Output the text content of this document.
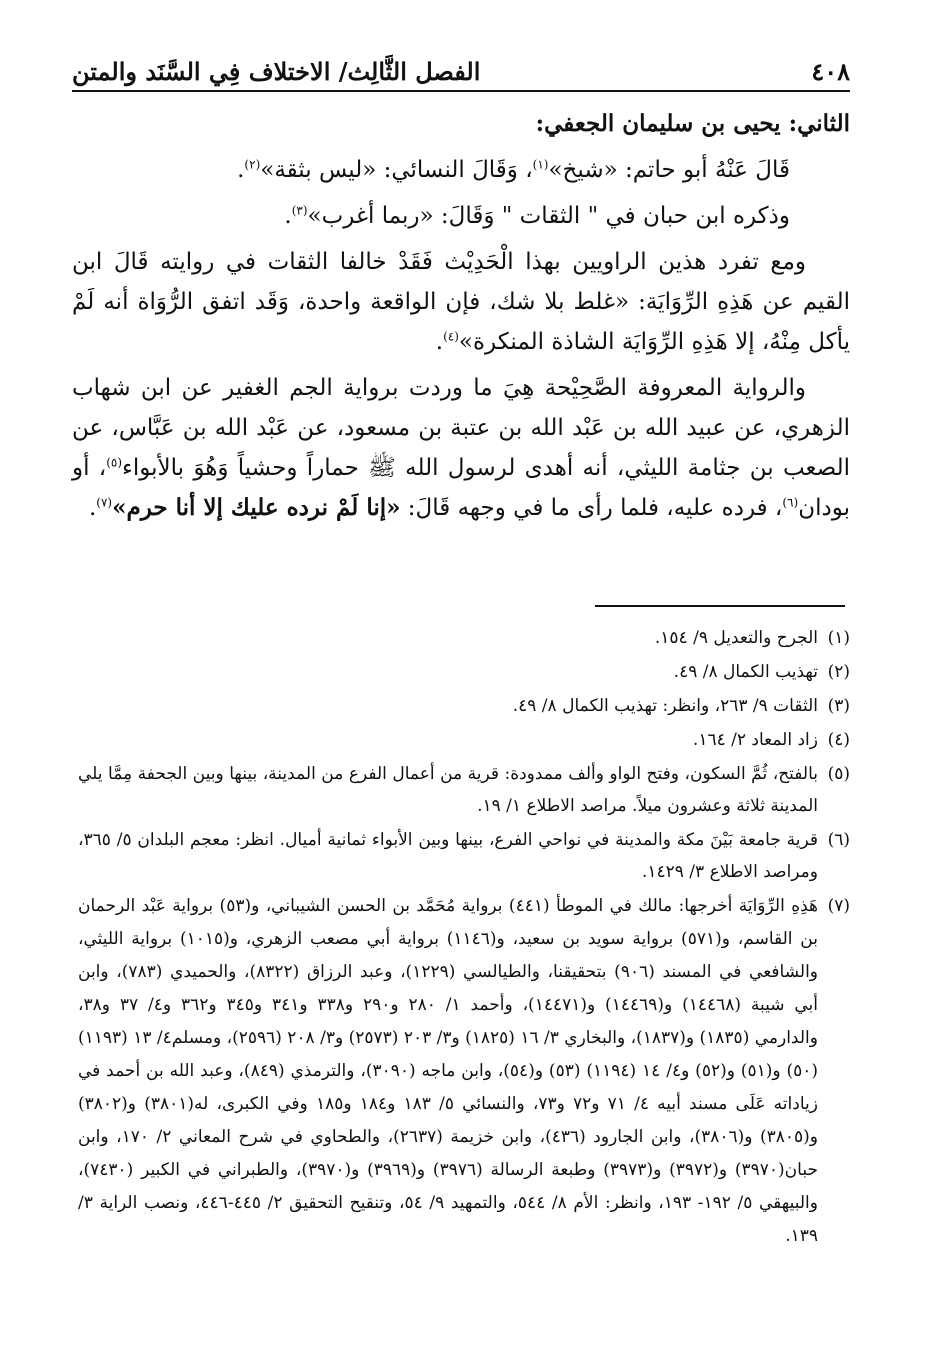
٤٠٨
الفصل الثَّالِث/ الاختلاف فِي السَّنَد والمتن

الثاني: يحيى بن سليمان الجعفي:

قَالَ عَنْهُ أبو حاتم: «شيخ»$^{(١)}$، وَقَالَ النسائي: «ليس بثقة»$^{(٢)}$.

وذكره ابن حبان في " الثقات " وَقَالَ: «ربما أغرب»$^{(٣)}$.

ومع تفرد هذين الراويين بهذا الْحَدِيْث فَقَدْ خالفا الثقات في روايته قَالَ ابن القيم عن هَذِهِ الرِّوَايَة: «غلط بلا شك، فإن الواقعة واحدة، وَقَد اتفق الرُّوَاة أنه لَمْ يأكل مِنْهُ، إلا هَذِهِ الرِّوَايَة الشاذة المنكرة»$^{(٤)}$.

والرواية المعروفة الصَّحِيْحة هِيَ ما وردت برواية الجم الغفير عن ابن شهاب الزهري، عن عبيد الله بن عَبْد الله بن عتبة بن مسعود، عن عَبْد الله بن عَبَّاس، عن الصعب بن جثامة الليثي، أنه أهدى لرسول الله ﷺ حماراً وحشياً وَهُوَ بالأبواء$^{(٥)}$، أو بودان$^{(٦)}$، فرده عليه، فلما رأى ما في وجهه قَالَ: «إنا لَمْ نرده عليك إلا أنا حرم»$^{(٧)}$.

(١)
الجرح والتعديل ٩/ ١٥٤.
(٢)
تهذيب الكمال ٨/ ٤٩.
(٣)
الثقات ٩/ ٢٦٣، وانظر: تهذيب الكمال ٨/ ٤٩.
(٤)
زاد المعاد ٢/ ١٦٤.
(٥)
بالفتح، ثُمَّ السكون، وفتح الواو وألف ممدودة: قرية من أعمال الفرع من المدينة، بينها وبين الجحفة مِمَّا يلي المدينة ثلاثة وعشرون ميلاً. مراصد الاطلاع ١/ ١٩.
(٦)
قرية جامعة بَيْنَ مكة والمدينة في نواحي الفرع، بينها وبين الأبواء ثمانية أميال. انظر: معجم البلدان ٥/ ٣٦٥، ومراصد الاطلاع ٣/ ١٤٢٩.
(٧)
هَذِهِ الرِّوَايَة أخرجها: مالك في الموطأ (٤٤١) برواية مُحَمَّد بن الحسن الشيباني، و(٥٣) برواية عَبْد الرحمان بن القاسم، و(٥٧١) برواية سويد بن سعيد، و(١١٤٦) برواية أبي مصعب الزهري، و(١٠١٥) برواية الليثي، والشافعي في المسند (٩٠٦) بتحقيقنا، والطيالسي (١٢٢٩)، وعبد الرزاق (٨٣٢٢)، والحميدي (٧٨٣)، وابن أبي شيبة (١٤٤٦٨) و(١٤٤٦٩) و(١٤٤٧١)، وأحمد ١/ ٢٨٠ و٢٩٠ و٣٣٨ و٣٤١ و٣٤٥ و٣٦٢ و٤/ ٣٧ و٣٨، والدارمي (١٨٣٥) و(١٨٣٧)، والبخاري ٣/ ١٦ (١٨٢٥) و٣/ ٢٠٣ (٢٥٧٣) و٣/ ٢٠٨ (٢٥٩٦)، ومسلم٤/ ١٣ (١١٩٣) (٥٠) و(٥١) و(٥٢) و٤/ ١٤ (١١٩٤) (٥٣) و(٥٤)، وابن ماجه (٣٠٩٠)، والترمذي (٨٤٩)، وعبد الله بن أحمد في زياداته عَلَى مسند أبيه ٤/ ٧١ و٧٢ و٧٣، والنسائي ٥/ ١٨٣ و١٨٤ و١٨٥ وفي الكبرى، له(٣٨٠١) و(٣٨٠٢) و(٣٨٠٥) و(٣٨٠٦)، وابن الجارود (٤٣٦)، وابن خزيمة (٢٦٣٧)، والطحاوي في شرح المعاني ٢/ ١٧٠، وابن حبان(٣٩٧٠) و(٣٩٧٢) و(٣٩٧٣) وطبعة الرسالة (٣٩٧٦) و(٣٩٦٩) و(٣٩٧٠)، والطبراني في الكبير (٧٤٣٠)، والبيهقي ٥/ ١٩٢- ١٩٣، وانظر: الأم ٨/ ٥٤٤، والتمهيد ٩/ ٥٤، وتنقيح التحقيق ٢/ ٤٤٥-٤٤٦، ونصب الراية ٣/ ١٣٩.
